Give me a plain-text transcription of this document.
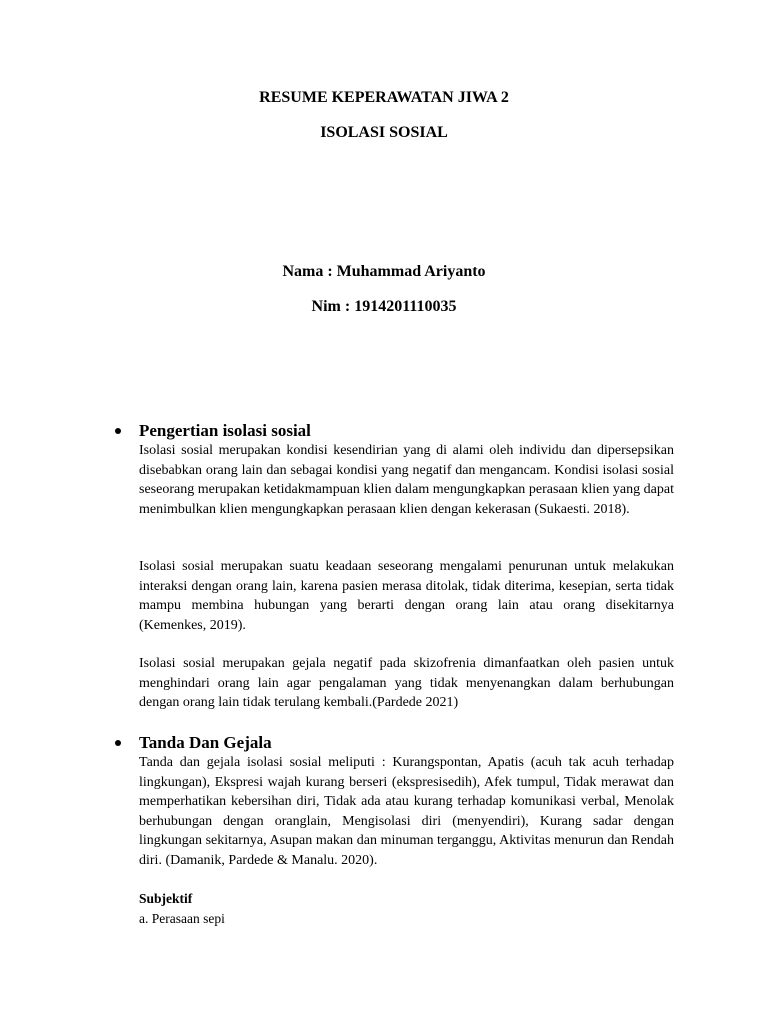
RESUME KEPERAWATAN JIWA 2
ISOLASI SOSIAL
Nama : Muhammad Ariyanto
Nim : 1914201110035
Pengertian isolasi sosial
Isolasi sosial merupakan kondisi kesendirian yang di alami oleh individu dan dipersepsikan disebabkan orang lain dan sebagai kondisi yang negatif dan mengancam. Kondisi isolasi sosial seseorang merupakan ketidakmampuan klien dalam mengungkapkan perasaan klien yang dapat menimbulkan klien mengungkapkan perasaan klien dengan kekerasan (Sukaesti. 2018).
Isolasi sosial merupakan suatu keadaan seseorang mengalami penurunan untuk melakukan interaksi dengan orang lain, karena pasien merasa ditolak, tidak diterima, kesepian, serta tidak mampu membina hubungan yang berarti dengan orang lain atau orang disekitarnya (Kemenkes, 2019).
Isolasi sosial merupakan gejala negatif pada skizofrenia dimanfaatkan oleh pasien untuk menghindari orang lain agar pengalaman yang tidak menyenangkan dalam berhubungan dengan orang lain tidak terulang kembali.(Pardede 2021)
Tanda Dan Gejala
Tanda dan gejala isolasi sosial meliputi : Kurangspontan, Apatis (acuh tak acuh terhadap lingkungan), Ekspresi wajah kurang berseri (ekspresisedih), Afek tumpul, Tidak merawat dan memperhatikan kebersihan diri, Tidak ada atau kurang terhadap komunikasi verbal, Menolak berhubungan dengan oranglain, Mengisolasi diri (menyendiri), Kurang sadar dengan lingkungan sekitarnya, Asupan makan dan minuman terganggu, Aktivitas menurun dan Rendah diri. (Damanik, Pardede & Manalu. 2020).
Subjektif
a. Perasaan sepi
